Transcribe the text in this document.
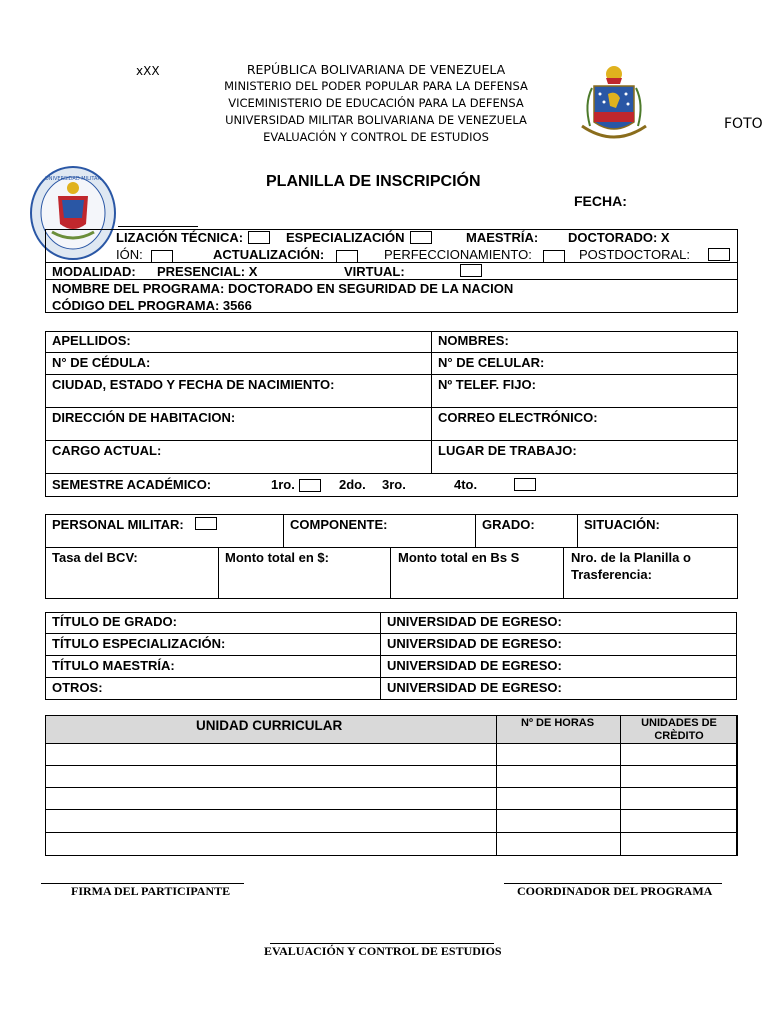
xXX	REPÚBLICA BOLIVARIANA DE VENEZUELA
MINISTERIO DEL PODER POPULAR PARA LA DEFENSA
VICEMINISTERIO DE EDUCACIÓN PARA LA DEFENSA
UNIVERSIDAD MILITAR BOLIVARIANA DE VENEZUELA
EVALUACIÓN Y CONTROL DE ESTUDIOS
FOTO
UNIVERSIDAD MILITAR	PLANILLA DE INSCRIPCIÓN
FECHA:
LIZACIÓN TÉCNICA:	ESPECIALIZACIÓN	MAESTRÍA: DOCTORADO: X
IÓN:	ACTUALIZACIÓN:	PERFECCIONAMIENTO:	POSTDOCTORAL:
MODALIDAD: PRESENCIAL: X	VIRTUAL:
NOMBRE DEL PROGRAMA: DOCTORADO EN SEGURIDAD DE LA NACION
CÓDIGO DEL PROGRAMA: 3566
APELLIDOS:	NOMBRES:
N° DE CÉDULA:	N° DE CELULAR:
CIUDAD, ESTADO Y FECHA DE NACIMIENTO:	Nº TELEF. FIJO:
DIRECCIÓN DE HABITACION:	CORREO ELECTRÓNICO:
CARGO ACTUAL:	LUGAR DE TRABAJO:
SEMESTRE ACADÉMICO:	1ro.	2do. 3ro.	4to.
PERSONAL MILITAR:	COMPONENTE:	GRADO:	SITUACIÓN:
Tasa del BCV:	Monto total en $:	Monto total en Bs S	Nro. de la Planilla o
Trasferencia:
TÍTULO DE GRADO:	UNIVERSIDAD DE EGRESO:
TÍTULO ESPECIALIZACIÓN:	UNIVERSIDAD DE EGRESO:
TÍTULO MAESTRÍA:	UNIVERSIDAD DE EGRESO:
OTROS:	UNIVERSIDAD DE EGRESO:
UNIDAD CURRICULAR	Nº DE HORAS	UNIDADES DE
CRÈDITO
FIRMA DEL PARTICIPANTE	COORDINADOR DEL PROGRAMA
EVALUACIÓN Y CONTROL DE ESTUDIOS
